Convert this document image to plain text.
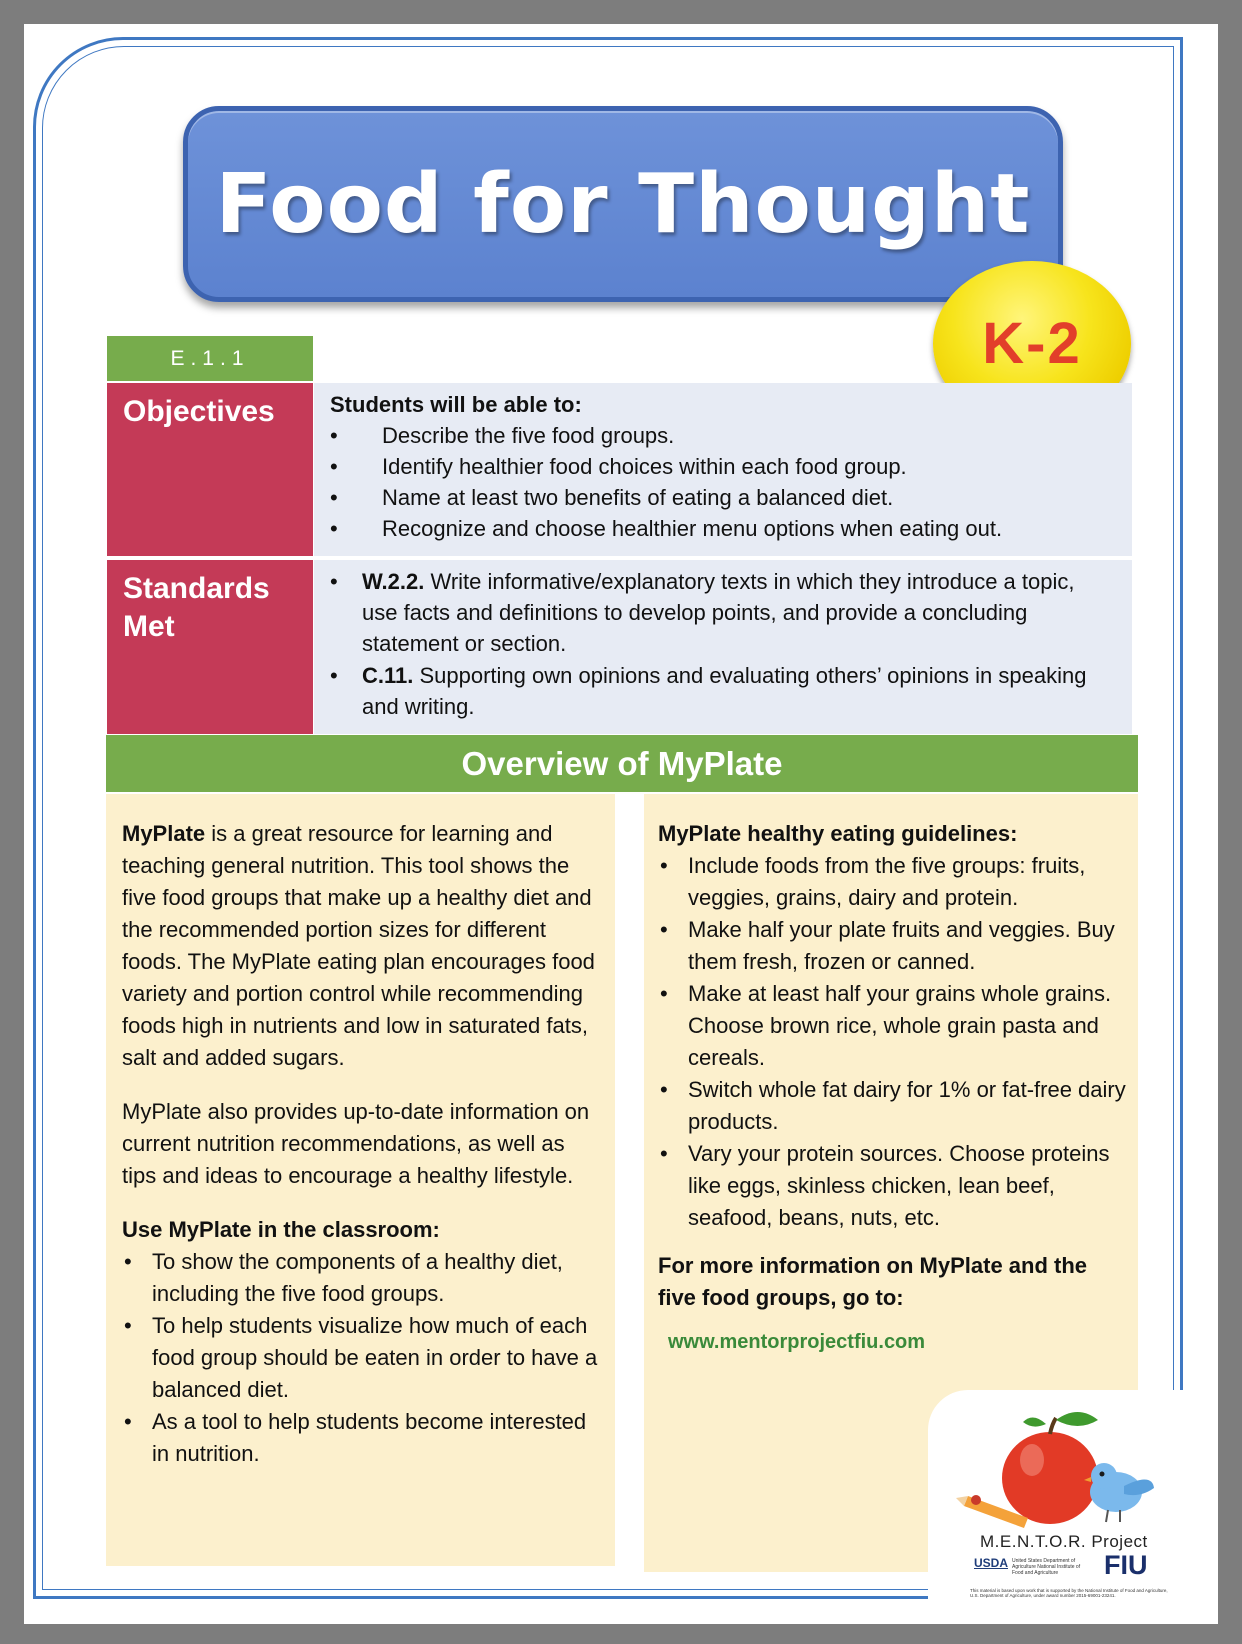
Food for Thought
K-2
E.1.1
Objectives	Students will be able to:
• Describe the five food groups.
• Identify healthier food choices within each food group.
• Name at least two benefits of eating a balanced diet.
• Recognize and choose healthier menu options when eating out.
Standards Met
• W.2.2. Write informative/explanatory texts in which they introduce a topic, use facts and definitions to develop points, and provide a concluding statement or section.
• C.11. Supporting own opinions and evaluating others’ opinions in speaking and writing.
Overview of MyPlate
MyPlate is a great resource for learning and teaching general nutrition. This tool shows the five food groups that make up a healthy diet and the recommended portion sizes for different foods. The MyPlate eating plan encourages food variety and portion control while recommending foods high in nutrients and low in saturated fats, salt and added sugars.
MyPlate also provides up-to-date information on current nutrition recommendations, as well as tips and ideas to encourage a healthy lifestyle.
Use MyPlate in the classroom:
• To show the components of a healthy diet, including the five food groups.
• To help students visualize how much of each food group should be eaten in order to have a balanced diet.
• As a tool to help students become interested in nutrition.
MyPlate healthy eating guidelines:
• Include foods from the five groups: fruits, veggies, grains, dairy and protein.
• Make half your plate fruits and veggies. Buy them fresh, frozen or canned.
• Make at least half your grains whole grains. Choose brown rice, whole grain pasta and cereals.
• Switch whole fat dairy for 1% or fat-free dairy products.
• Vary your protein sources. Choose proteins like eggs, skinless chicken, lean beef, seafood, beans, nuts, etc.
For more information on MyPlate and the five food groups, go to:
www.mentorprojectfiu.com
M.E.N.T.O.R. Project
USDA United States Department of Agriculture National Institute of Food and Agriculture	FIU
This material is based upon work that is supported by the National Institute of Food and Agriculture, U.S. Department of Agriculture, under award number 2015-69001-23241.
